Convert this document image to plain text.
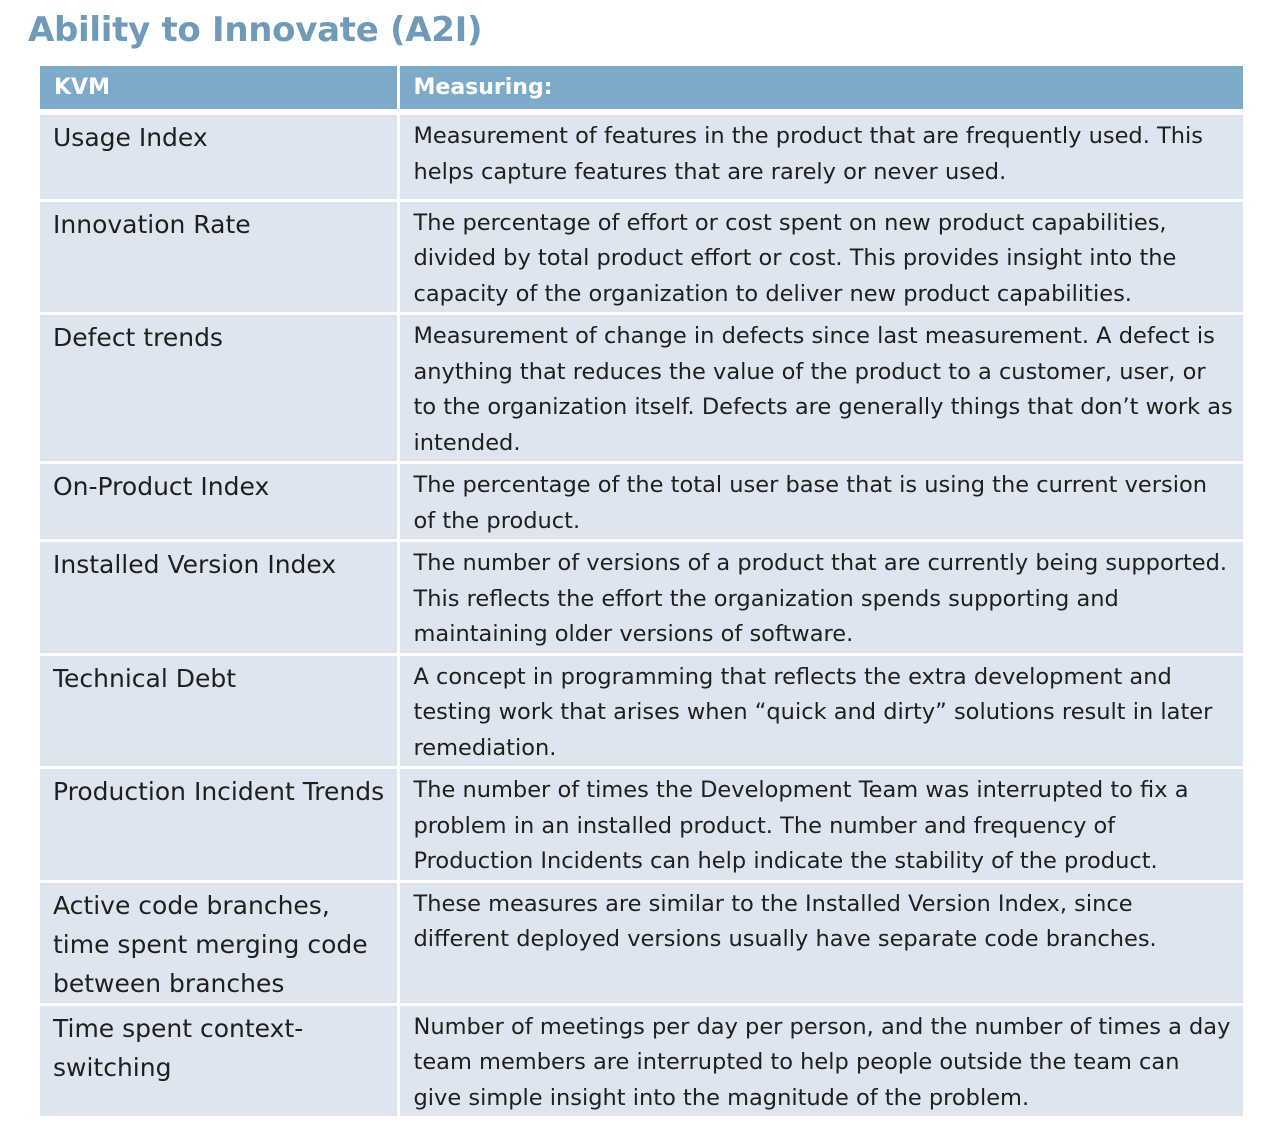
Ability to Innovate (A2I)
KVM	Measuring:
Usage Index	Measurement of features in the product that are frequently used. This helps capture features that are rarely or never used.
Innovation Rate	The percentage of effort or cost spent on new product capabilities, divided by total product effort or cost. This provides insight into the capacity of the organization to deliver new product capabilities.
Defect trends	Measurement of change in defects since last measurement. A defect is anything that reduces the value of the product to a customer, user, or to the organization itself. Defects are generally things that don’t work as intended.
On-Product Index	The percentage of the total user base that is using the current version of the product.
Installed Version Index	The number of versions of a product that are currently being supported. This reflects the effort the organization spends supporting and maintaining older versions of software.
Technical Debt	A concept in programming that reflects the extra development and testing work that arises when “quick and dirty” solutions result in later remediation.
Production Incident Trends	The number of times the Development Team was interrupted to fix a problem in an installed product. The number and frequency of Production Incidents can help indicate the stability of the product.
Active code branches, time spent merging code between branches	These measures are similar to the Installed Version Index, since different deployed versions usually have separate code branches.
Time spent context-switching	Number of meetings per day per person, and the number of times a day team members are interrupted to help people outside the team can give simple insight into the magnitude of the problem.
